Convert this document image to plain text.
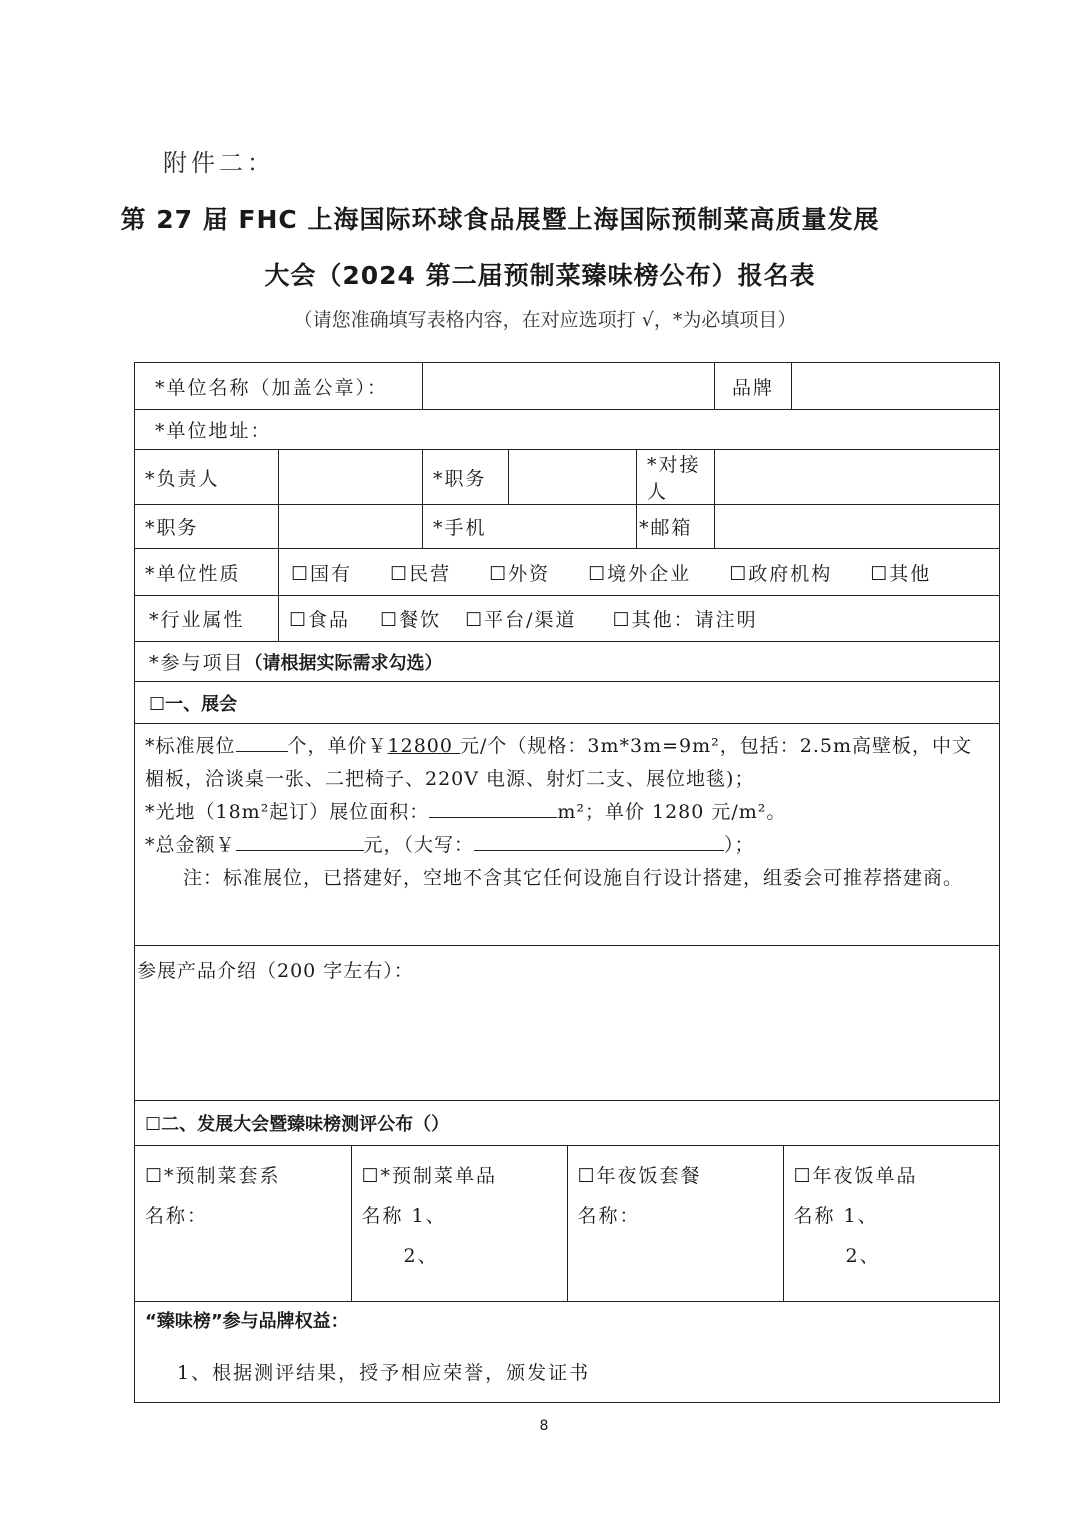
附件二：
第 27 届 FHC 上海国际环球食品展暨上海国际预制菜高质量发展
大会（2024 第二届预制菜臻味榜公布）报名表
（请您准确填写表格内容，在对应选项打 √，*为必填项目）
*单位名称（加盖公章）：		品牌	
*单位地址：
*负责人		*职务		*对接人	
*职务		*手机	*邮箱	
*单位性质	☐国有 ☐民营 ☐外资 ☐境外企业 ☐政府机构 ☐其他
*行业属性	☐食品 ☐餐饮 ☐平台/渠道 ☐其他：请注明
*参与项目（请根据实际需求勾选）
☐一、展会

*标准展位	个，单价￥12800 元/个（规格：3m*3m=9m²，包括：2.5m高壁板，中文楣板，洽谈桌一张、二把椅子、220V 电源、射灯二支、展位地毯)；
*光地（18m²起订）展位面积：	m²；单价 1280 元/m²。
*总金额￥	元，（大写：	）；
注：标准展位，已搭建好，空地不含其它任何设施自行设计搭建，组委会可推荐搭建商。

参展产品介绍（200 字左右）：
☐二、发展大会暨臻味榜测评公布（）

☐*预制菜套系
名称：

☐*预制菜单品
名称 1、
2、

☐年夜饭套餐
名称：

☐年夜饭单品
名称 1、
2、

“臻味榜”参与品牌权益：
1、根据测评结果，授予相应荣誉，颁发证书
8
